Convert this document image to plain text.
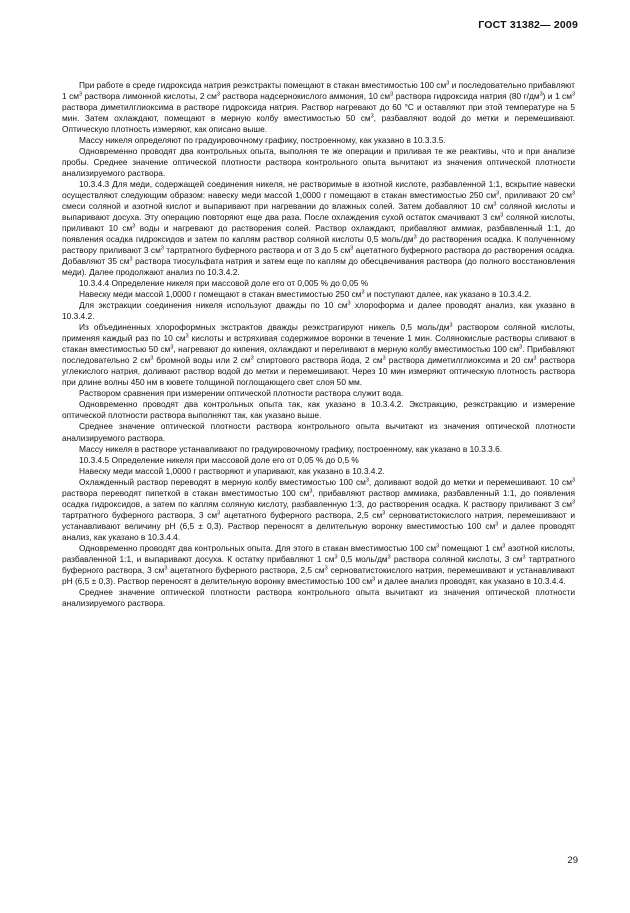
ГОСТ 31382— 2009

При работе в среде гидроксида натрия реэкстракты помещают в стакан вместимостью 100 $см^3$ и последовательно прибавляют 1 $см^3$ раствора лимонной кислоты, 2 $см^3$ раствора надсернокислого аммония, 10 $см^3$ раствора гидроксида натрия (80 $г/дм^3$) и 1 $см^3$ раствора диметилглиоксима в растворе гидроксида натрия. Раствор нагревают до 60 °C и оставляют при этой температуре на 5 мин. Затем охлаждают, помещают в мерную колбу вместимостью 50 $см^3$, разбавляют водой до метки и перемешивают. Оптическую плотность измеряют, как описано выше.

Массу никеля определяют по градуировочному графику, построенному, как указано в 10.3.3.5.

Одновременно проводят два контрольных опыта, выполняя те же операции и приливая те же реактивы, что и при анализе пробы. Среднее значение оптической плотности раствора контрольного опыта вычитают из значения оптической плотности анализируемого раствора.

10.3.4.3 Для меди, содержащей соединения никеля, не растворимые в азотной кислоте, разбавленной 1:1, вскрытие навески осуществляют следующим образом: навеску меди массой 1,0000 г помещают в стакан вместимостью 250 $см^3$, приливают 20 $см^3$ смеси соляной и азотной кислот и выпаривают при нагревании до влажных солей. Затем добавляют 10 $см^3$ соляной кислоты и выпаривают досуха. Эту операцию повторяют еще два раза. После охлаждения сухой остаток смачивают 3 $см^3$ соляной кислоты, приливают 10 $см^3$ воды и нагревают до растворения солей. Раствор охлаждают, прибавляют аммиак, разбавленный 1:1, до появления осадка гидроксидов и затем по каплям раствор соляной кислоты 0,5 моль/$дм^3$ до растворения осадка. К полученному раствору приливают 3 $см^3$ тартратного буферного раствора и от 3 до 5 $см^3$ ацетатного буферного раствора до растворения осадка. Добавляют 35 $см^3$ раствора тиосульфата натрия и затем еще по каплям до обесцвечивания раствора (до полного восстановления меди). Далее продолжают анализ по 10.3.4.2.

10.3.4.4 Определение никеля при массовой доле его от 0,005 % до 0,05 %

Навеску меди массой 1,0000 г помещают в стакан вместимостью 250 $см^3$ и поступают далее, как указано в 10.3.4.2.

Для экстракции соединения никеля используют дважды по 10 $см^3$ хлороформа и далее проводят анализ, как указано в 10.3.4.2.

Из объединенных хлороформных экстрактов дважды реэкстрагируют никель 0,5 моль/$дм^3$ раствором соляной кислоты, применяя каждый раз по 10 $см^3$ кислоты и встряхивая содержимое воронки в течение 1 мин. Солянокислые растворы сливают в стакан вместимостью 50 $см^3$, нагревают до кипения, охлаждают и переливают в мерную колбу вместимостью 100 $см^3$. Прибавляют последовательно 2 $см^3$ бромной воды или 2 $см^3$ спиртового раствора йода, 2 $см^3$ раствора диметилглиоксима и 20 $см^3$ раствора углекислого натрия, доливают раствор водой до метки и перемешивают. Через 10 мин измеряют оптическую плотность раствора при длине волны 450 нм в кювете толщиной поглощающего свет слоя 50 мм.

Раствором сравнения при измерении оптической плотности раствора служит вода.

Одновременно проводят два контрольных опыта так, как указано в 10.3.4.2. Экстракцию, реэкстракцию и измерение оптической плотности раствора выполняют так, как указано выше.

Среднее значение оптической плотности раствора контрольного опыта вычитают из значения оптической плотности анализируемого раствора.

Массу никеля в растворе устанавливают по градуировочному графику, построенному, как указано в 10.3.3.6.

10.3.4.5 Определение никеля при массовой доле его от 0,05 % до 0,5 %

Навеску меди массой 1,0000 г растворяют и упаривают, как указано в 10.3.4.2.

Охлажденный раствор переводят в мерную колбу вместимостью 100 $см^3$, доливают водой до метки и перемешивают. 10 $см^3$ раствора переводят пипеткой в стакан вместимостью 100 $см^3$, прибавляют раствор аммиака, разбавленный 1:1, до появления осадка гидроксидов, а затем по каплям соляную кислоту, разбавленную 1:3, до растворения осадка. К раствору приливают 3 $см^3$ тартратного буферного раствора, 3 $см^3$ ацетатного буферного раствора, 2,5 $см^3$ серноватистокислого натрия, перемешивают и устанавливают величину pH (6,5 ± 0,3). Раствор переносят в делительную воронку вместимостью 100 $см^3$ и далее проводят анализ, как указано в 10.3.4.4.

Одновременно проводят два контрольных опыта. Для этого в стакан вместимостью 100 $см^3$ помещают 1 $см^3$ азотной кислоты, разбавленной 1:1, и выпаривают досуха. К остатку прибавляют 1 $см^3$ 0,5 моль/$дм^3$ раствора соляной кислоты, 3 $см^3$ тартратного буферного раствора, 3 $см^3$ ацетатного буферного раствора, 2,5 $см^3$ серноватистокислого натрия, перемешивают и устанавливают pH (6,5 ± 0,3). Раствор переносят в делительную воронку вместимостью 100 $см^3$ и далее анализ проводят, как указано в 10.3.4.4.

Среднее значение оптической плотности раствора контрольного опыта вычитают из значения оптической плотности анализируемого раствора.

29
